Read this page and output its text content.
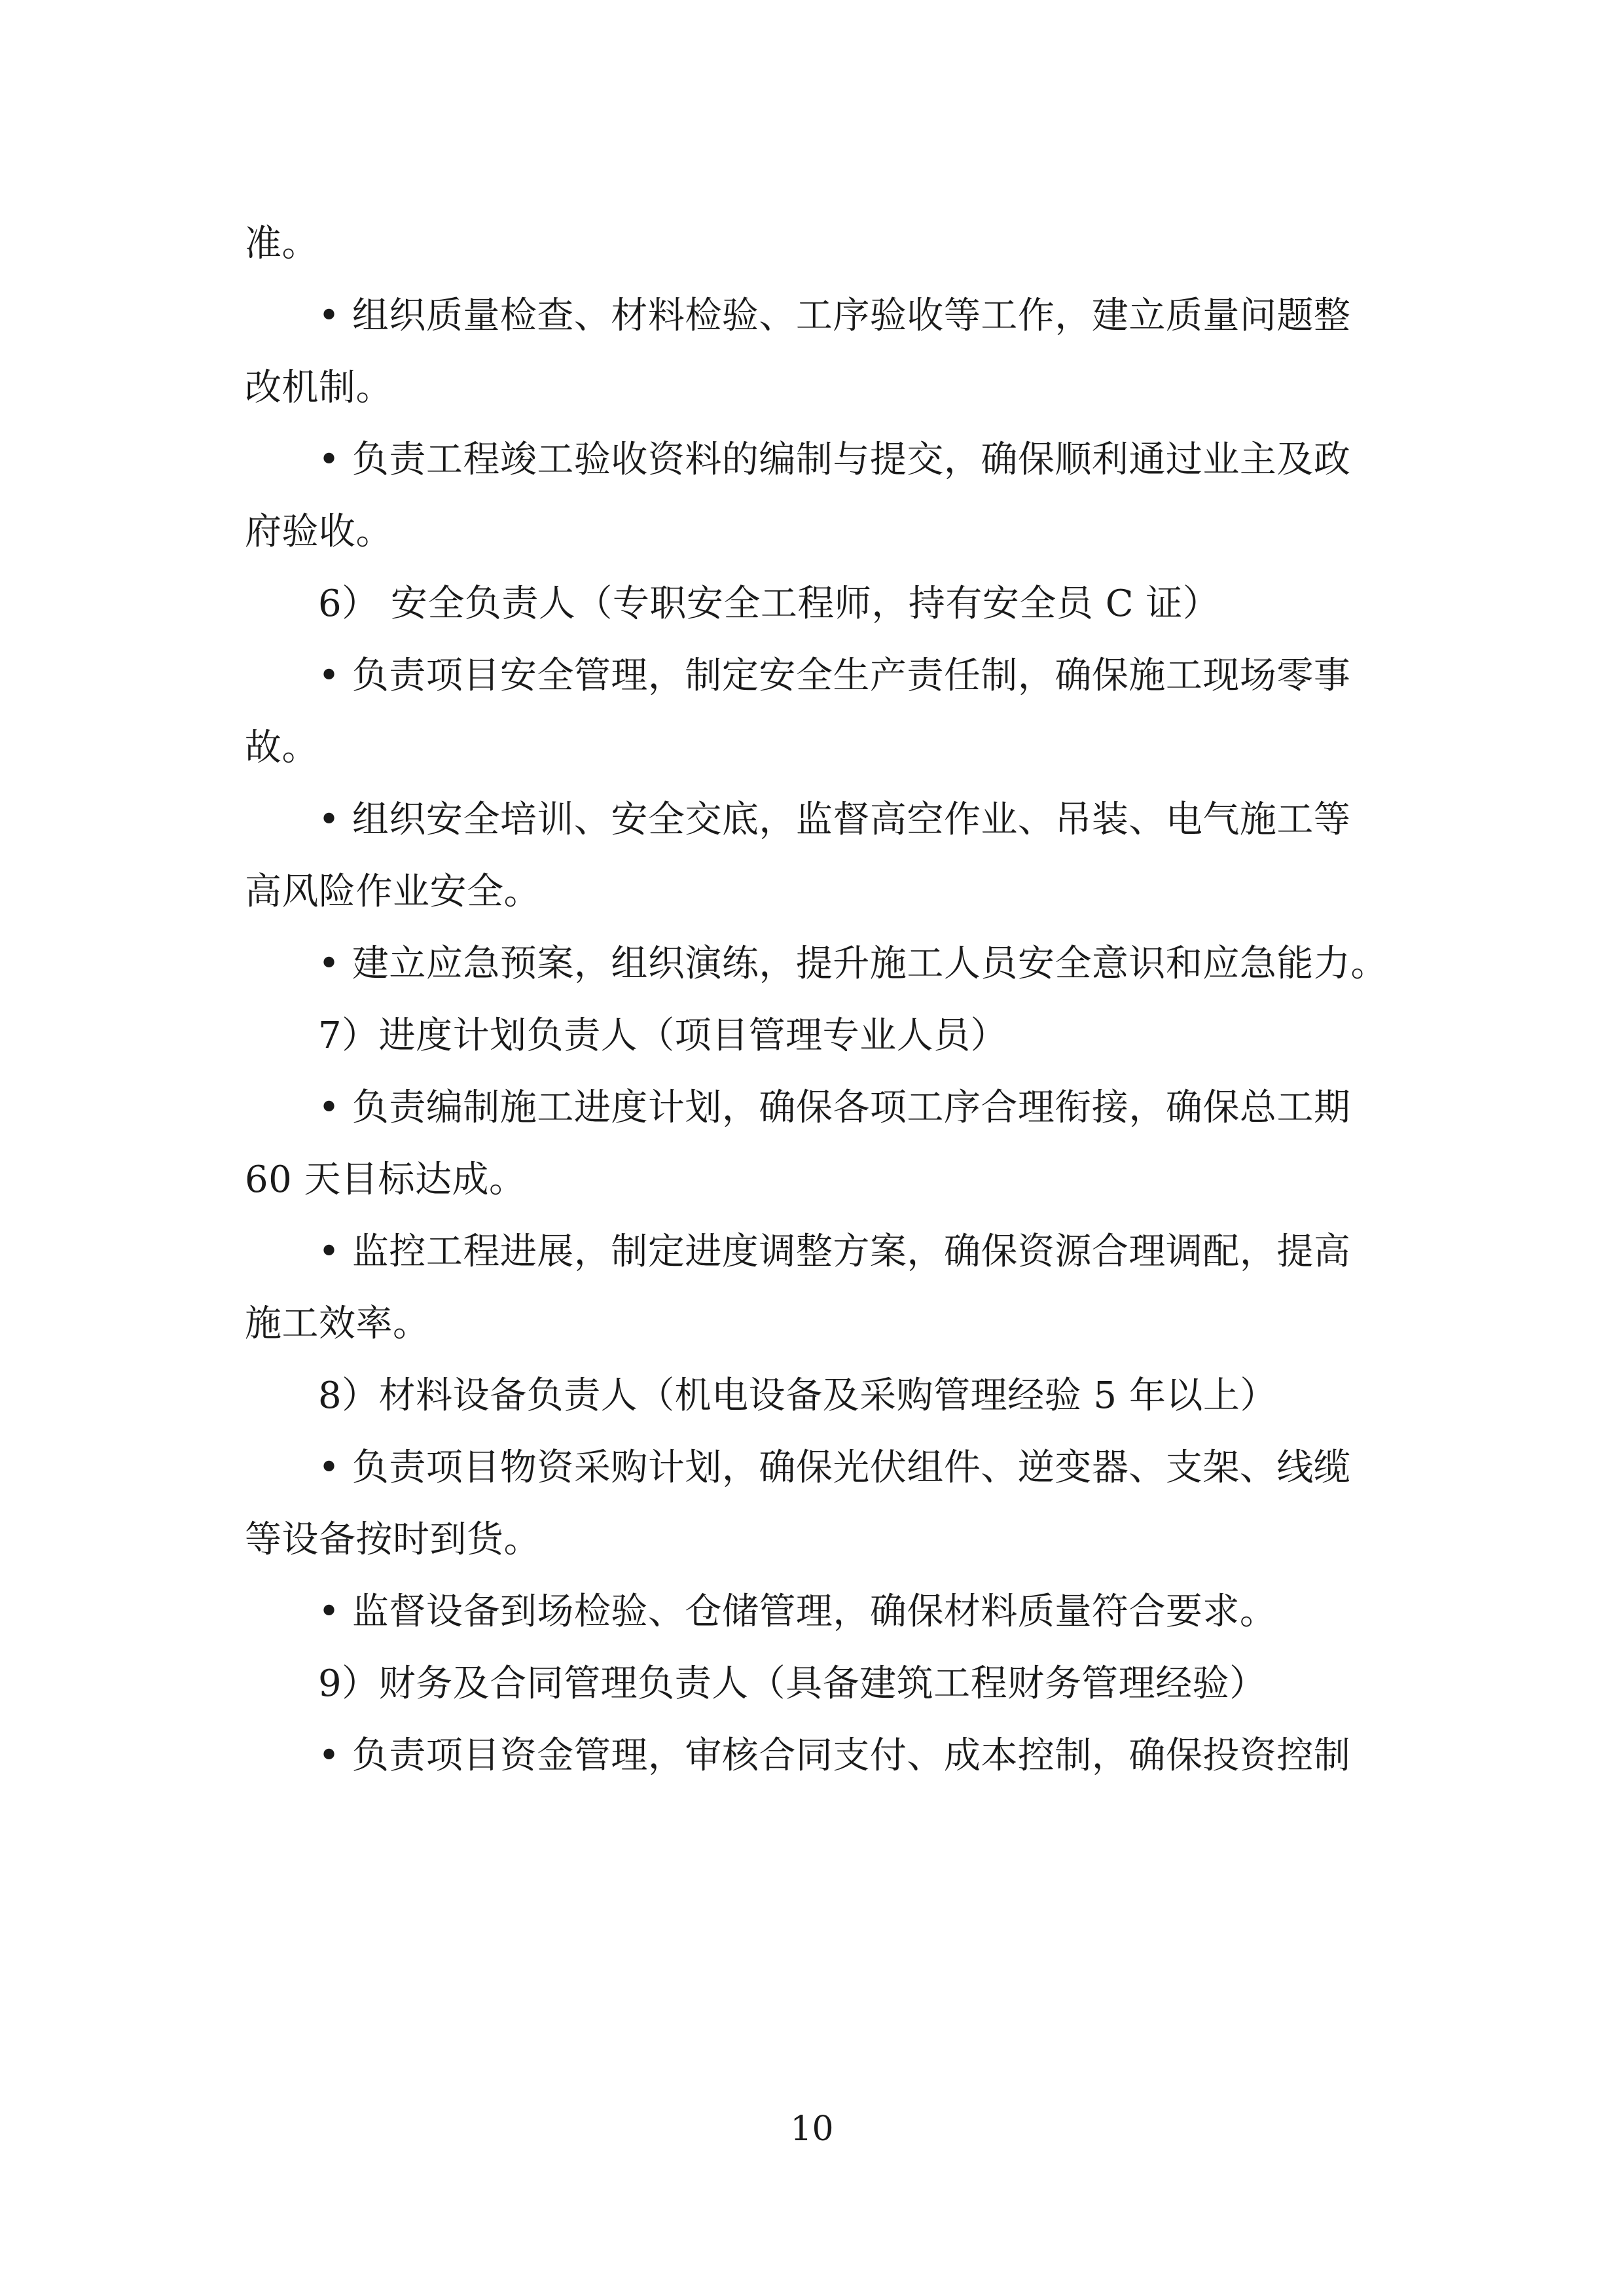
准。
• 组织质量检查、材料检验、工序验收等工作，建立质量问题整
改机制。
• 负责工程竣工验收资料的编制与提交，确保顺利通过业主及政
府验收。
6） 安全负责人（专职安全工程师，持有安全员 C 证）
• 负责项目安全管理，制定安全生产责任制，确保施工现场零事
故。
• 组织安全培训、安全交底，监督高空作业、吊装、电气施工等
高风险作业安全。
• 建立应急预案，组织演练，提升施工人员安全意识和应急能力。
7）进度计划负责人（项目管理专业人员）
• 负责编制施工进度计划，确保各项工序合理衔接，确保总工期
60 天目标达成。
• 监控工程进展，制定进度调整方案，确保资源合理调配，提高
施工效率。
8）材料设备负责人（机电设备及采购管理经验 5 年以上）
• 负责项目物资采购计划，确保光伏组件、逆变器、支架、线缆
等设备按时到货。
• 监督设备到场检验、仓储管理，确保材料质量符合要求。
9）财务及合同管理负责人（具备建筑工程财务管理经验）
• 负责项目资金管理，审核合同支付、成本控制，确保投资控制
10
